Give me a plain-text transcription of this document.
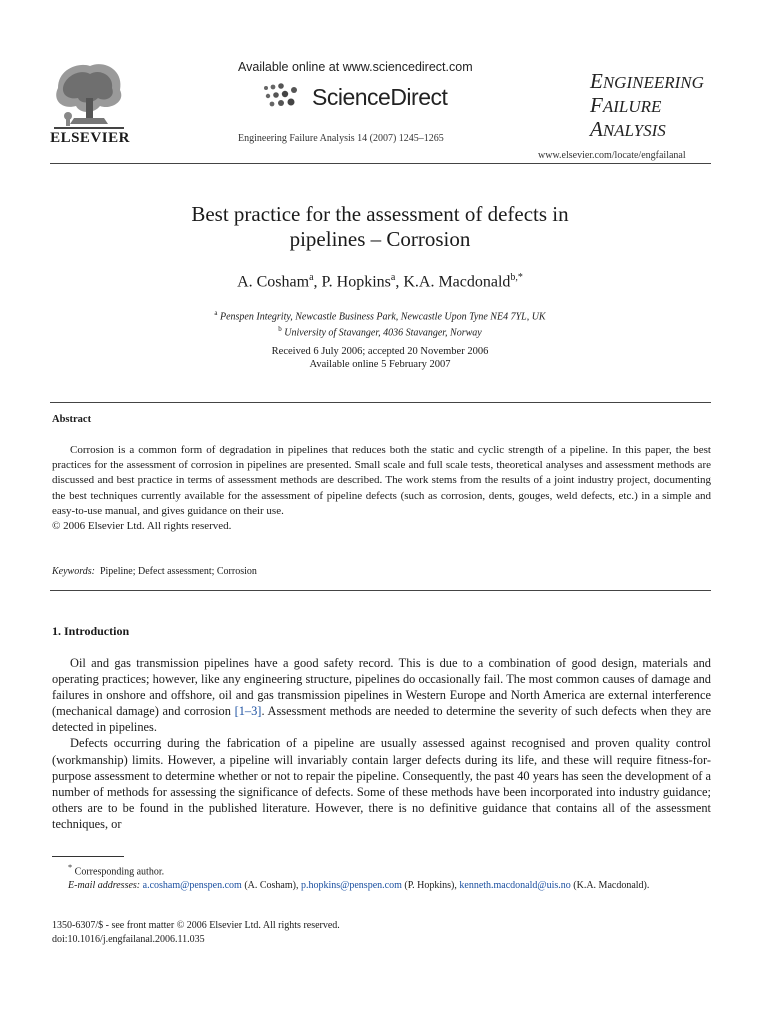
ELSEVIER
Available online at www.sciencedirect.com
ScienceDirect
Engineering Failure Analysis 14 (2007) 1245–1265
ENGINEERING
FAILURE
ANALYSIS
www.elsevier.com/locate/engfailanal
Best practice for the assessment of defects in
pipelines – Corrosion
A. Cosham$^a$, P. Hopkins$^a$, K.A. Macdonald$^{b,*}$
$^a$ Penspen Integrity, Newcastle Business Park, Newcastle Upon Tyne NE4 7YL, UK
$^b$ University of Stavanger, 4036 Stavanger, Norway
Received 6 July 2006; accepted 20 November 2006
Available online 5 February 2007
Abstract

Corrosion is a common form of degradation in pipelines that reduces both the static and cyclic strength of a pipeline. In this paper, the best practices for the assessment of corrosion in pipelines are presented. Small scale and full scale tests, theoretical analyses and assessment methods are discussed and best practice in terms of assessment methods are described. The work stems from the results of a joint industry project, documenting the best techniques currently available for the assessment of pipeline defects (such as corrosion, dents, gouges, weld defects, etc.) in a simple and easy-to-use manual, and gives guidance on their use.

© 2006 Elsevier Ltd. All rights reserved.

Keywords: Pipeline; Defect assessment; Corrosion
1. Introduction

Oil and gas transmission pipelines have a good safety record. This is due to a combination of good design, materials and operating practices; however, like any engineering structure, pipelines do occasionally fail. The most common causes of damage and failures in onshore and offshore, oil and gas transmission pipelines in Western Europe and North America are external interference (mechanical damage) and corrosion [1–3]. Assessment methods are needed to determine the severity of such defects when they are detected in pipelines.

Defects occurring during the fabrication of a pipeline are usually assessed against recognised and proven quality control (workmanship) limits. However, a pipeline will invariably contain larger defects during its life, and these will require fitness-for-purpose assessment to determine whether or not to repair the pipeline. Consequently, the past 40 years has seen the development of a number of methods for assessing the significance of defects. Some of these methods have been incorporated into industry guidance; others are to be found in the published literature. However, there is no definitive guidance that contains all of the assessment techniques, or

* Corresponding author.

E-mail addresses: a.cosham@penspen.com (A. Cosham), p.hopkins@penspen.com (P. Hopkins), kenneth.macdonald@uis.no (K.A. Macdonald).

1350-6307/$ - see front matter © 2006 Elsevier Ltd. All rights reserved.
doi:10.1016/j.engfailanal.2006.11.035
